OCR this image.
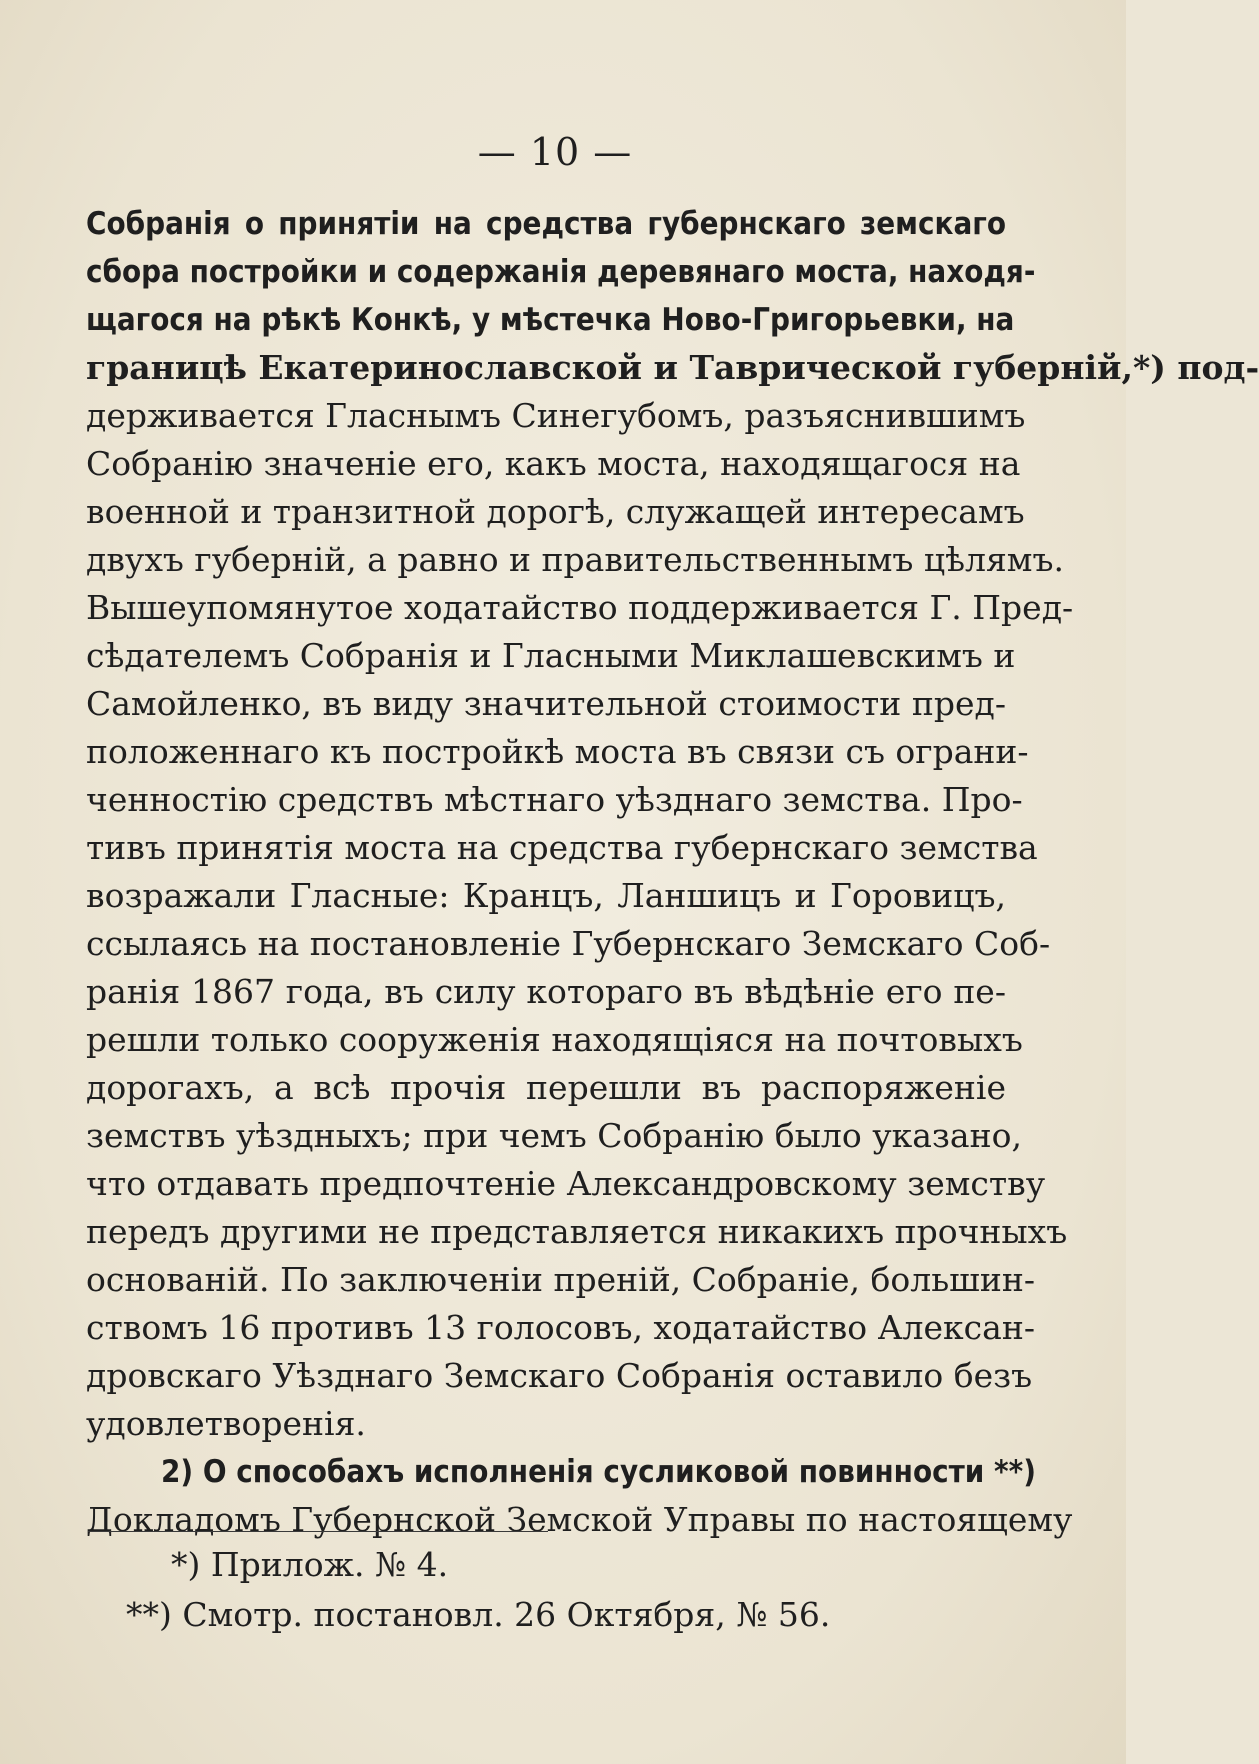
— 10 —
Собранія о принятіи на средства губернскаго земскаго
сбора постройки и содержанія деревянаго моста, находя-
щагося на рѣкѣ Конкѣ, у мѣстечка Ново-Григорьевки, на
границѣ Екатеринославской и Таврической губерній,*) под-
держивается Гласнымъ Синегубомъ, разъяснившимъ
Собранію значеніе его, какъ моста, находящагося на
военной и транзитной дорогѣ, служащей интересамъ
двухъ губерній, а равно и правительственнымъ цѣлямъ.
Вышеупомянутое ходатайство поддерживается Г. Пред-
сѣдателемъ Собранія и Гласными Миклашевскимъ и
Самойленко, въ виду значительной стоимости пред-
положеннаго къ постройкѣ моста въ связи съ ограни-
ченностію средствъ мѣстнаго уѣзднаго земства. Про-
тивъ принятія моста на средства губернскаго земства
возражали Гласные: Кранцъ, Ланшицъ и Горовицъ,
ссылаясь на постановленіе Губернскаго Земскаго Соб-
ранія 1867 года, въ силу котораго въ вѣдѣніе его пе-
решли только сооруженія находящіяся на почтовыхъ
дорогахъ, а всѣ прочія перешли въ распоряженіе
земствъ уѣздныхъ; при чемъ Собранію было указано,
что отдавать предпочтеніе Александровскому земству
передъ другими не представляется никакихъ прочныхъ
основаній. По заключеніи преній, Собраніе, большин-
ствомъ 16 противъ 13 голосовъ, ходатайство Алексан-
дровскаго Уѣзднаго Земскаго Собранія оставило безъ
удовлетворенія.
2) О способахъ исполненія сусликовой повинности **)
Докладомъ Губернской Земской Управы по настоящему
*) Прилож. № 4.
**) Смотр. постановл. 26 Октября, № 56.
